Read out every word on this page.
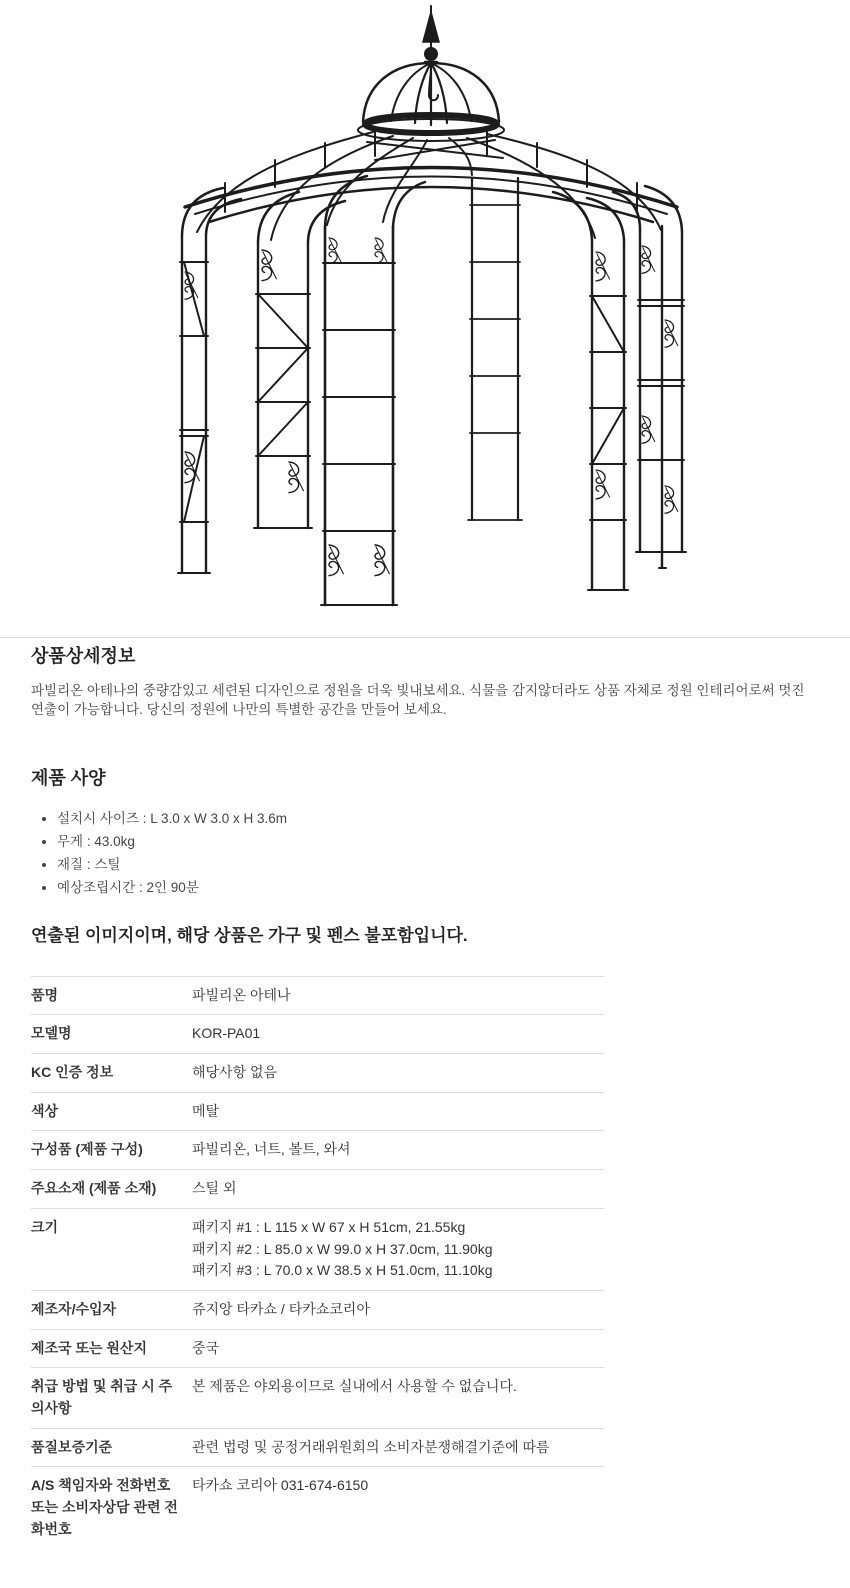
상품상세정보

파빌리온 아테나의 중량감있고 세련된 디자인으로 정원을 더욱 빛내보세요. 식물을 감지않더라도 상품 자체로 정원 인테리어로써 멋진 연출이 가능합니다. 당신의 정원에 나만의 특별한 공간을 만들어 보세요.

제품 사양
• 설치시 사이즈 : L 3.0 x W 3.0 x H 3.6m
• 무게 : 43.0kg
• 재질 : 스틸
• 예상조립시간 : 2인 90분

연출된 이미지이며, 해당 상품은 가구 및 펜스 불포함입니다.

품명	파빌리온 아테나
모델명	KOR-PA01
KC 인증 정보	해당사항 없음
색상	메탈
구성품 (제품 구성)	파빌리온, 너트, 볼트, 와셔
주요소재 (제품 소재)	스틸 외
크기	패키지 #1 : L 115 x W 67 x H 51cm, 21.55kg
패키지 #2 : L 85.0 x W 99.0 x H 37.0cm, 11.90kg
패키지 #3 : L 70.0 x W 38.5 x H 51.0cm, 11.10kg
제조자/수입자	쥬지앙 타카쇼 / 타카쇼코리아
제조국 또는 원산지	중국
취급 방법 및 취급 시 주의사항	본 제품은 야외용이므로 실내에서 사용할 수 없습니다.
품질보증기준	관련 법령 및 공정거래위원회의 소비자분쟁해결기준에 따름
A/S 책임자와 전화번호 또는 소비자상담 관련 전화번호	타카쇼 코리아 031-674-6150
